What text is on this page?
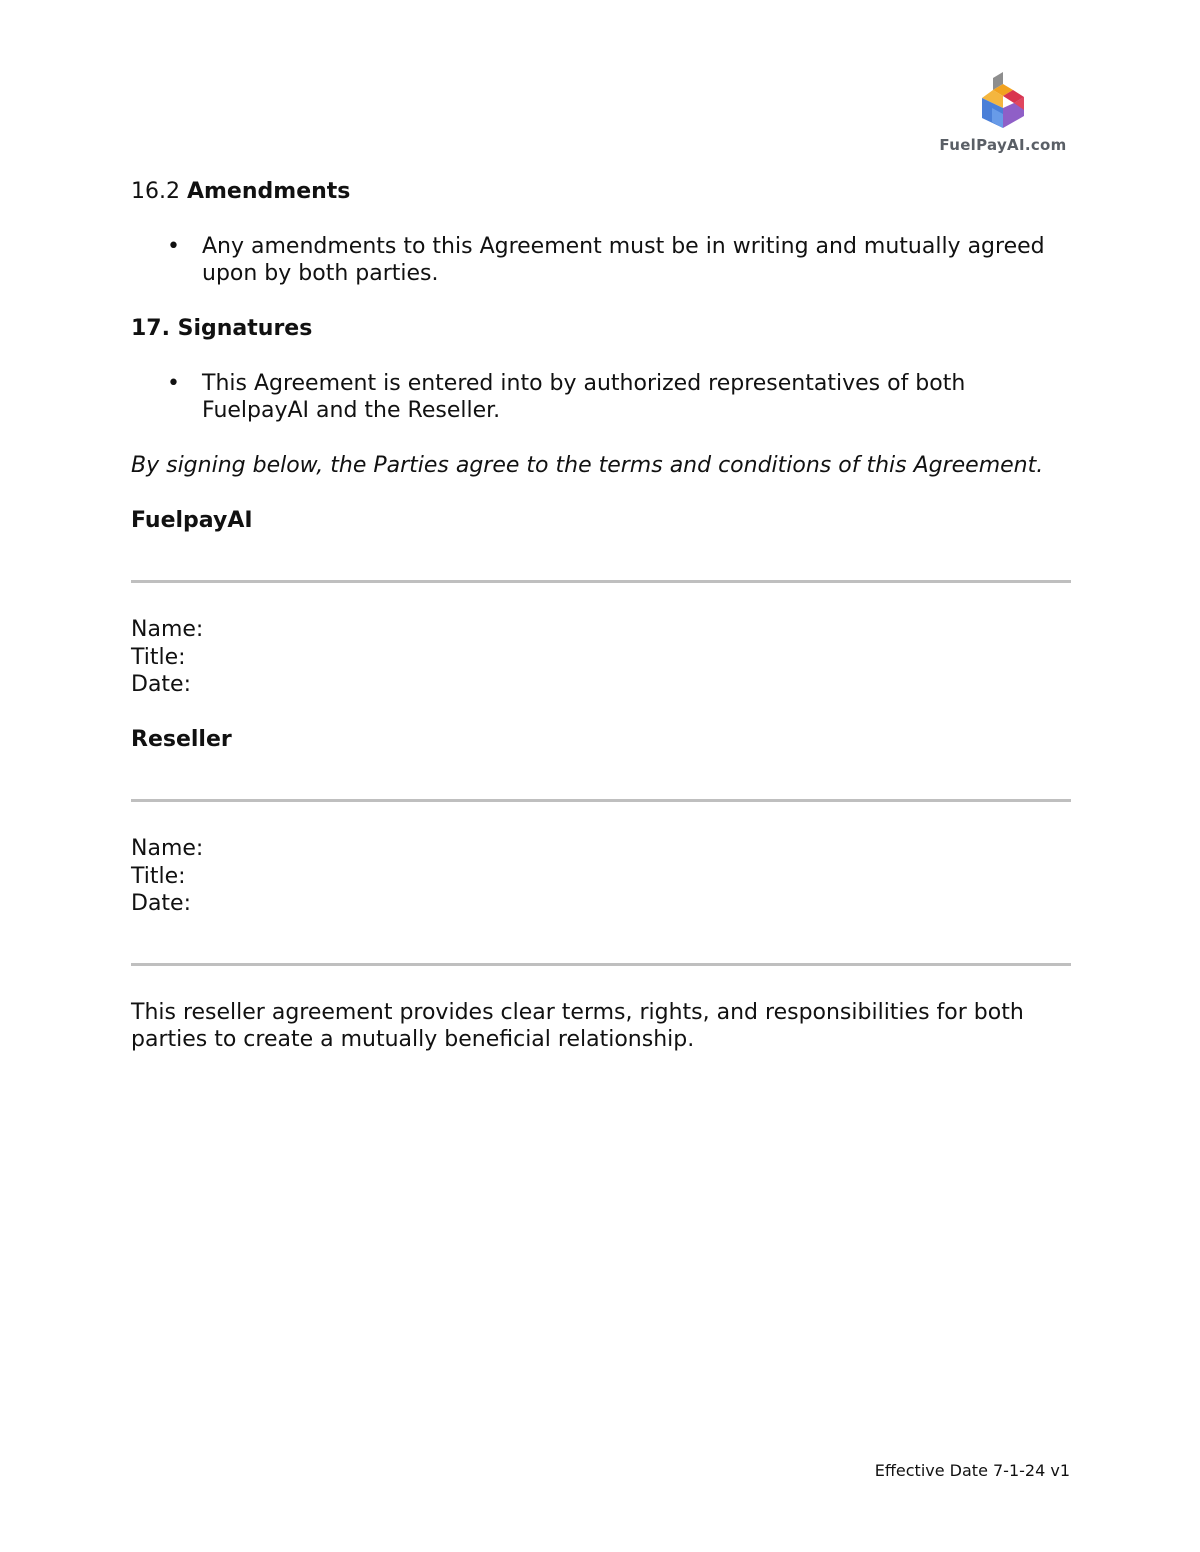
FuelPayAI.com
16.2 Amendments
• Any amendments to this Agreement must be in writing and mutually agreed upon by both parties.
17. Signatures
• This Agreement is entered into by authorized representatives of both FuelpayAI and the Reseller.
By signing below, the Parties agree to the terms and conditions of this Agreement.
FuelpayAI
Name:
Title:
Date:
Reseller
Name:
Title:
Date:
This reseller agreement provides clear terms, rights, and responsibilities for both parties to create a mutually beneficial relationship.
Effective Date 7-1-24 v1
